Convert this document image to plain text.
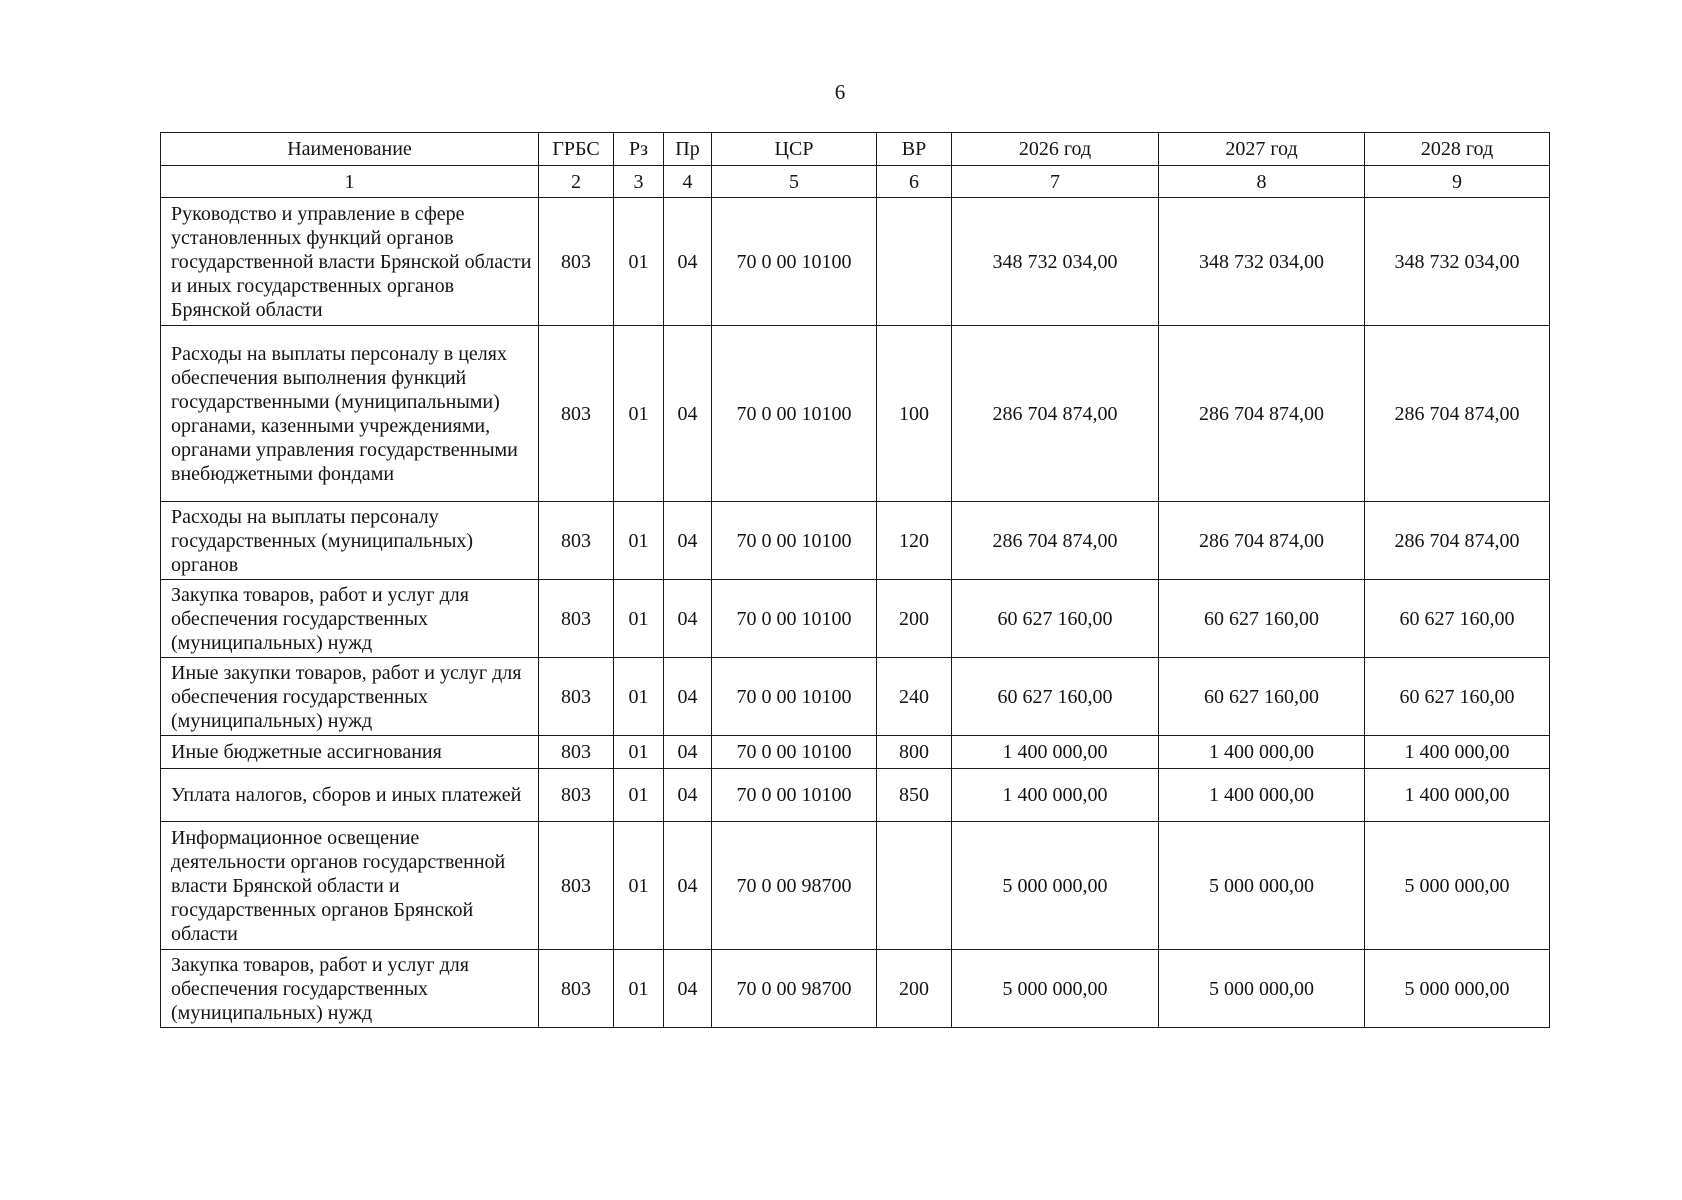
6
Наименование	ГРБС	Рз	Пр	ЦСР	ВР	2026 год	2027 год	2028 год
1	2	3	4	5	6	7	8	9
Руководство и управление в сфере установленных функций органов государственной власти Брянской области и иных государственных органов Брянской области	803	01	04	70 0 00 10100		348 732 034,00	348 732 034,00	348 732 034,00
Расходы на выплаты персоналу в целях обеспечения выполнения функций государственными (муниципальными) органами, казенными учреждениями, органами управления государственными внебюджетными фондами	803	01	04	70 0 00 10100	100	286 704 874,00	286 704 874,00	286 704 874,00
Расходы на выплаты персоналу государственных (муниципальных) органов	803	01	04	70 0 00 10100	120	286 704 874,00	286 704 874,00	286 704 874,00
Закупка товаров, работ и услуг для обеспечения государственных (муниципальных) нужд	803	01	04	70 0 00 10100	200	60 627 160,00	60 627 160,00	60 627 160,00
Иные закупки товаров, работ и услуг для обеспечения государственных (муниципальных) нужд	803	01	04	70 0 00 10100	240	60 627 160,00	60 627 160,00	60 627 160,00
Иные бюджетные ассигнования	803	01	04	70 0 00 10100	800	1 400 000,00	1 400 000,00	1 400 000,00
Уплата налогов, сборов и иных платежей	803	01	04	70 0 00 10100	850	1 400 000,00	1 400 000,00	1 400 000,00
Информационное освещение деятельности органов государственной власти Брянской области и государственных органов Брянской области	803	01	04	70 0 00 98700		5 000 000,00	5 000 000,00	5 000 000,00
Закупка товаров, работ и услуг для обеспечения государственных (муниципальных) нужд	803	01	04	70 0 00 98700	200	5 000 000,00	5 000 000,00	5 000 000,00
